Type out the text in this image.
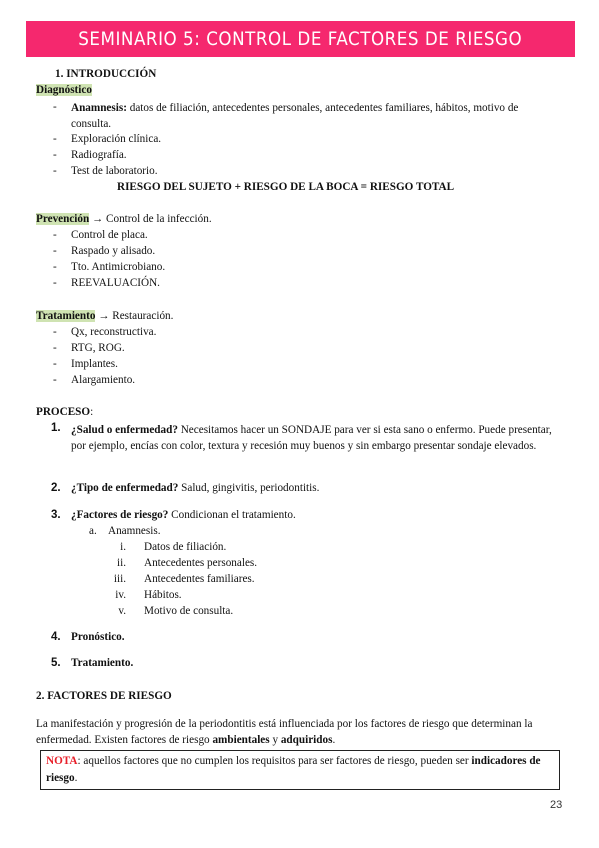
SEMINARIO 5: CONTROL DE FACTORES DE RIESGO
1. INTRODUCCIÓN
Diagnóstico
- Anamnesis: datos de filiación, antecedentes personales, antecedentes familiares, hábitos, motivo de consulta.
- Exploración clínica.
- Radiografía.
- Test de laboratorio.
RIESGO DEL SUJETO + RIESGO DE LA BOCA = RIESGO TOTAL
Prevención → Control de la infección.
- Control de placa.
- Raspado y alisado.
- Tto. Antimicrobiano.
- REEVALUACIÓN.
Tratamiento → Restauración.
- Qx, reconstructiva.
- RTG, ROG.
- Implantes.
- Alargamiento.
PROCESO:
1. ¿Salud o enfermedad? Necesitamos hacer un SONDAJE para ver si esta sano o enfermo. Puede presentar, por ejemplo, encías con color, textura y recesión muy buenos y sin embargo presentar sondaje elevados.
2. ¿Tipo de enfermedad? Salud, gingivitis, periodontitis.
3. ¿Factores de riesgo? Condicionan el tratamiento.
a. Anamnesis.
i. Datos de filiación.
ii. Antecedentes personales.
iii. Antecedentes familiares.
iv. Hábitos.
v. Motivo de consulta.
4. Pronóstico.
5. Tratamiento.
2. FACTORES DE RIESGO
La manifestación y progresión de la periodontitis está influenciada por los factores de riesgo que determinan la enfermedad. Existen factores de riesgo ambientales y adquiridos.
NOTA: aquellos factores que no cumplen los requisitos para ser factores de riesgo, pueden ser indicadores de riesgo.
23
